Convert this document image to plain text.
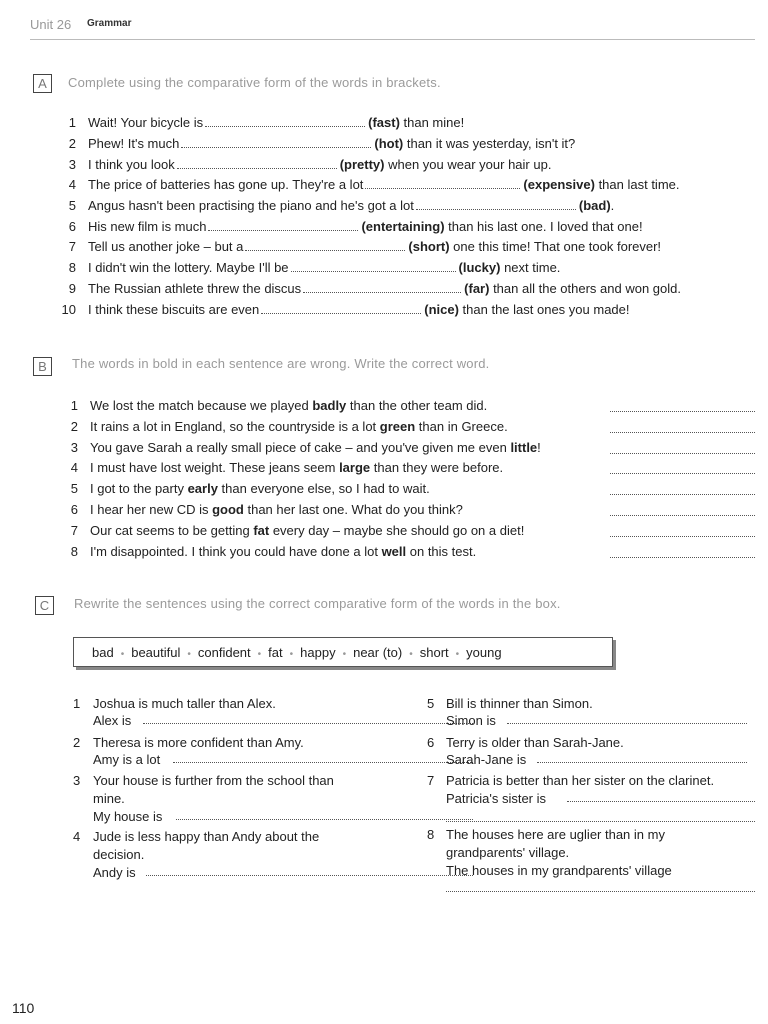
Unit 26 Grammar
A	Complete using the comparative form of the words in brackets.
1 Wait! Your bicycle is	(fast) than mine!
2 Phew! It's much	(hot) than it was yesterday, isn't it?
3 I think you look	(pretty) when you wear your hair up.
4 The price of batteries has gone up. They're a lot	(expensive) than last time.
5 Angus hasn't been practising the piano and he's got a lot	(bad).
6 His new film is much	(entertaining) than his last one. I loved that one!
7 Tell us another joke – but a	(short) one this time! That one took forever!
8 I didn't win the lottery. Maybe I'll be	(lucky) next time.
9 The Russian athlete threw the discus	(far) than all the others and won gold.
10 I think these biscuits are even	(nice) than the last ones you made!
B	The words in bold in each sentence are wrong. Write the correct word.
1 We lost the match because we played badly than the other team did.
2 It rains a lot in England, so the countryside is a lot green than in Greece.
3 You gave Sarah a really small piece of cake – and you've given me even little!
4 I must have lost weight. These jeans seem large than they were before.
5 I got to the party early than everyone else, so I had to wait.
6 I hear her new CD is good than her last one. What do you think?
7 Our cat seems to be getting fat every day – maybe she should go on a diet!
8 I'm disappointed. I think you could have done a lot well on this test.
C	Rewrite the sentences using the correct comparative form of the words in the box.
bad • beautiful • confident • fat • happy • near (to) • short • young
1 Joshua is much taller than Alex.
Alex is
2 Theresa is more confident than Amy.
Amy is a lot
3 Your house is further from the school than
mine.
My house is
4 Jude is less happy than Andy about the
decision.
Andy is
5 Bill is thinner than Simon.
Simon is
6 Terry is older than Sarah-Jane.
Sarah-Jane is
7 Patricia is better than her sister on the clarinet.
Patricia's sister is
8 The houses here are uglier than in my
grandparents' village.
The houses in my grandparents' village
110
